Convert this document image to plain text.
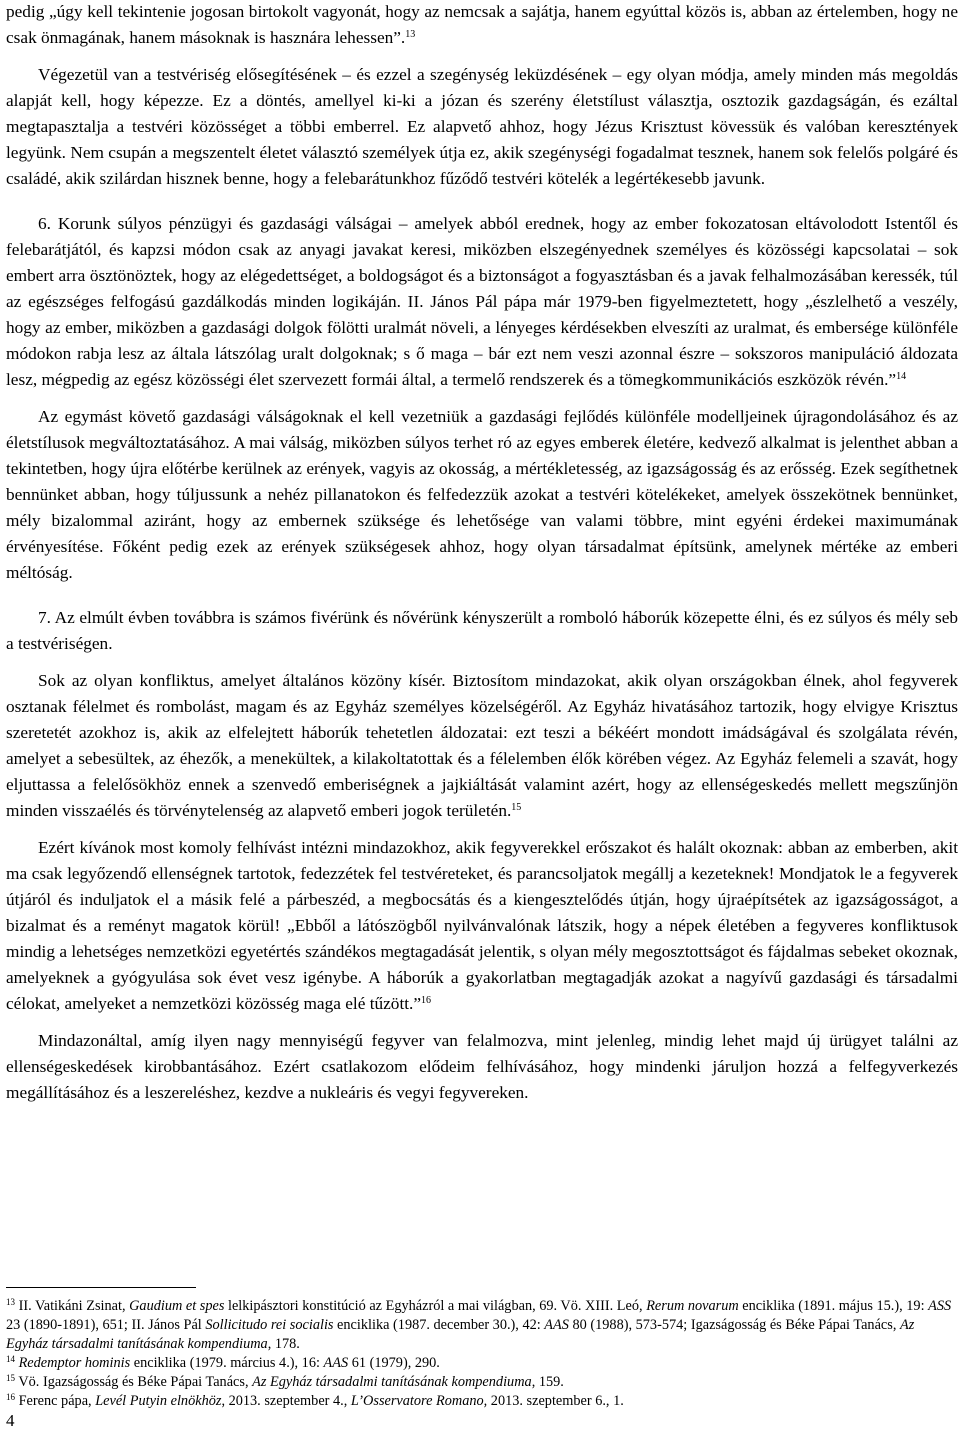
pedig „úgy kell tekintenie jogosan birtokolt vagyonát, hogy az nemcsak a sajátja, hanem egyúttal közös is, abban az értelemben, hogy ne csak önmagának, hanem másoknak is hasznára lehessen”.$^{13}$

Végezetül van a testvériség elősegítésének – és ezzel a szegénység leküzdésének – egy olyan módja, amely minden más megoldás alapját kell, hogy képezze. Ez a döntés, amellyel ki-ki a józan és szerény életstílust választja, osztozik gazdagságán, és ezáltal megtapasztalja a testvéri közösséget a többi emberrel. Ez alapvető ahhoz, hogy Jézus Krisztust kövessük és valóban keresztények legyünk. Nem csupán a megszentelt életet választó személyek útja ez, akik szegénységi fogadalmat tesznek, hanem sok felelős polgáré és családé, akik szilárdan hisznek benne, hogy a felebarátunkhoz fűződő testvéri kötelék a legértékesebb javunk.

6. Korunk súlyos pénzügyi és gazdasági válságai – amelyek abból erednek, hogy az ember fokozatosan eltávolodott Istentől és felebarátjától, és kapzsi módon csak az anyagi javakat keresi, miközben elszegényednek személyes és közösségi kapcsolatai – sok embert arra ösztönöztek, hogy az elégedettséget, a boldogságot és a biztonságot a fogyasztásban és a javak felhalmozásában keressék, túl az egészséges felfogású gazdálkodás minden logikáján. II. János Pál pápa már 1979-ben figyelmeztetett, hogy „észlelhető a veszély, hogy az ember, miközben a gazdasági dolgok fölötti uralmát növeli, a lényeges kérdésekben elveszíti az uralmat, és embersége különféle módokon rabja lesz az általa látszólag uralt dolgoknak; s ő maga – bár ezt nem veszi azonnal észre – sokszoros manipuláció áldozata lesz, mégpedig az egész közösségi élet szervezett formái által, a termelő rendszerek és a tömegkommunikációs eszközök révén.”$^{14}$

Az egymást követő gazdasági válságoknak el kell vezetniük a gazdasági fejlődés különféle modelljeinek újragondolásához és az életstílusok megváltoztatásához. A mai válság, miközben súlyos terhet ró az egyes emberek életére, kedvező alkalmat is jelenthet abban a tekintetben, hogy újra előtérbe kerülnek az erények, vagyis az okosság, a mértékletesség, az igazságosság és az erősség. Ezek segíthetnek bennünket abban, hogy túljussunk a nehéz pillanatokon és felfedezzük azokat a testvéri kötelékeket, amelyek összekötnek bennünket, mély bizalommal aziránt, hogy az embernek szüksége és lehetősége van valami többre, mint egyéni érdekei maximumának érvényesítése. Főként pedig ezek az erények szükségesek ahhoz, hogy olyan társadalmat építsünk, amelynek mértéke az emberi méltóság.

7. Az elmúlt évben továbbra is számos fivérünk és nővérünk kényszerült a romboló háborúk közepette élni, és ez súlyos és mély seb a testvériségen.

Sok az olyan konfliktus, amelyet általános közöny kísér. Biztosítom mindazokat, akik olyan országokban élnek, ahol fegyverek osztanak félelmet és rombolást, magam és az Egyház személyes közelségéről. Az Egyház hivatásához tartozik, hogy elvigye Krisztus szeretetét azokhoz is, akik az elfelejtett háborúk tehetetlen áldozatai: ezt teszi a békéért mondott imádságával és szolgálata révén, amelyet a sebesültek, az éhezők, a menekültek, a kilakoltatottak és a félelemben élők körében végez. Az Egyház felemeli a szavát, hogy eljuttassa a felelősökhöz ennek a szenvedő emberiségnek a jajkiáltását valamint azért, hogy az ellenségeskedés mellett megszűnjön minden visszaélés és törvénytelenség az alapvető emberi jogok területén.$^{15}$

Ezért kívánok most komoly felhívást intézni mindazokhoz, akik fegyverekkel erőszakot és halált okoznak: abban az emberben, akit ma csak legyőzendő ellenségnek tartotok, fedezzétek fel testvéreteket, és parancsoljatok megállj a kezeteknek! Mondjatok le a fegyverek útjáról és induljatok el a másik felé a párbeszéd, a megbocsátás és a kiengesztelődés útján, hogy újraépítsétek az igazságosságot, a bizalmat és a reményt magatok körül! „Ebből a látószögből nyilvánvalónak látszik, hogy a népek életében a fegyveres konfliktusok mindig a lehetséges nemzetközi egyetértés szándékos megtagadását jelentik, s olyan mély megosztottságot és fájdalmas sebeket okoznak, amelyeknek a gyógyulása sok évet vesz igénybe. A háborúk a gyakorlatban megtagadják azokat a nagyívű gazdasági és társadalmi célokat, amelyeket a nemzetközi közösség maga elé tűzött.”$^{16}$

Mindazonáltal, amíg ilyen nagy mennyiségű fegyver van felalmozva, mint jelenleg, mindig lehet majd új ürügyet találni az ellenségeskedések kirobbantásához. Ezért csatlakozom elődeim felhívásához, hogy mindenki járuljon hozzá a felfegyverkezés megállításához és a leszereléshez, kezdve a nukleáris és vegyi fegyvereken.

$^{13}$ II. Vatikáni Zsinat, Gaudium et spes lelkipásztori konstitúció az Egyházról a mai világban, 69. Vö. XIII. Leó, Rerum novarum enciklika (1891. május 15.), 19: ASS 23 (1890-1891), 651; II. János Pál Sollicitudo rei socialis enciklika (1987. december 30.), 42: AAS 80 (1988), 573-574; Igazságosság és Béke Pápai Tanács, Az Egyház társadalmi tanításának kompendiuma, 178.

$^{14}$ Redemptor hominis enciklika (1979. március 4.), 16: AAS 61 (1979), 290.

$^{15}$ Vö. Igazságosság és Béke Pápai Tanács, Az Egyház társadalmi tanításának kompendiuma, 159.

$^{16}$ Ferenc pápa, Levél Putyin elnökhöz, 2013. szeptember 4., L’Osservatore Romano, 2013. szeptember 6., 1.

4
